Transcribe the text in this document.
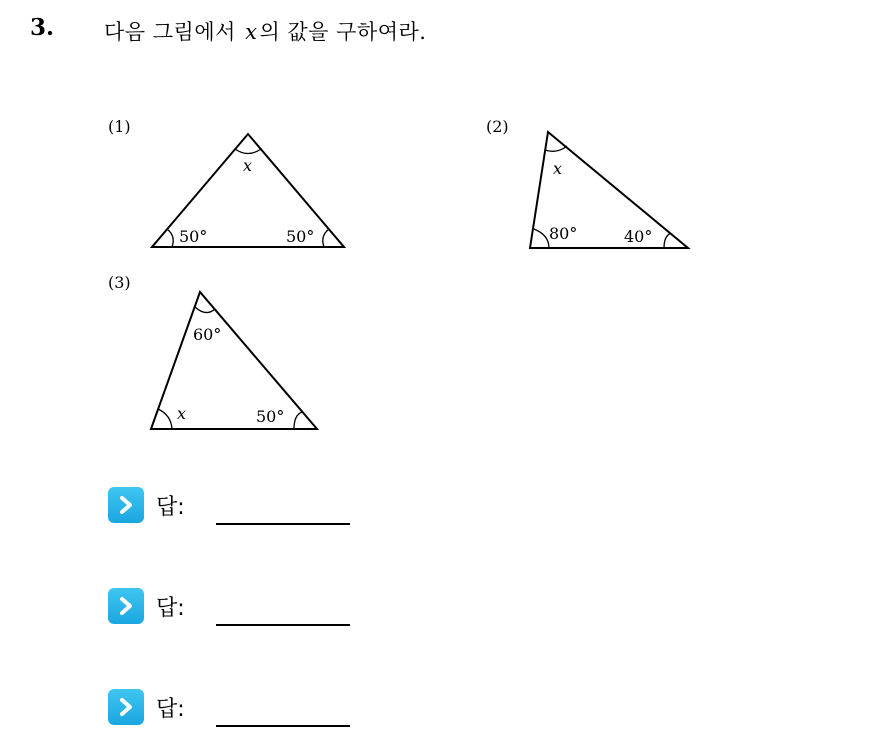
3. 다음 그림에서 x의 값을 구하여라.
(1)
x
50°	50°
(2)
x
80°	40°
(3)
60°
x	50°
답:
답:
답:
